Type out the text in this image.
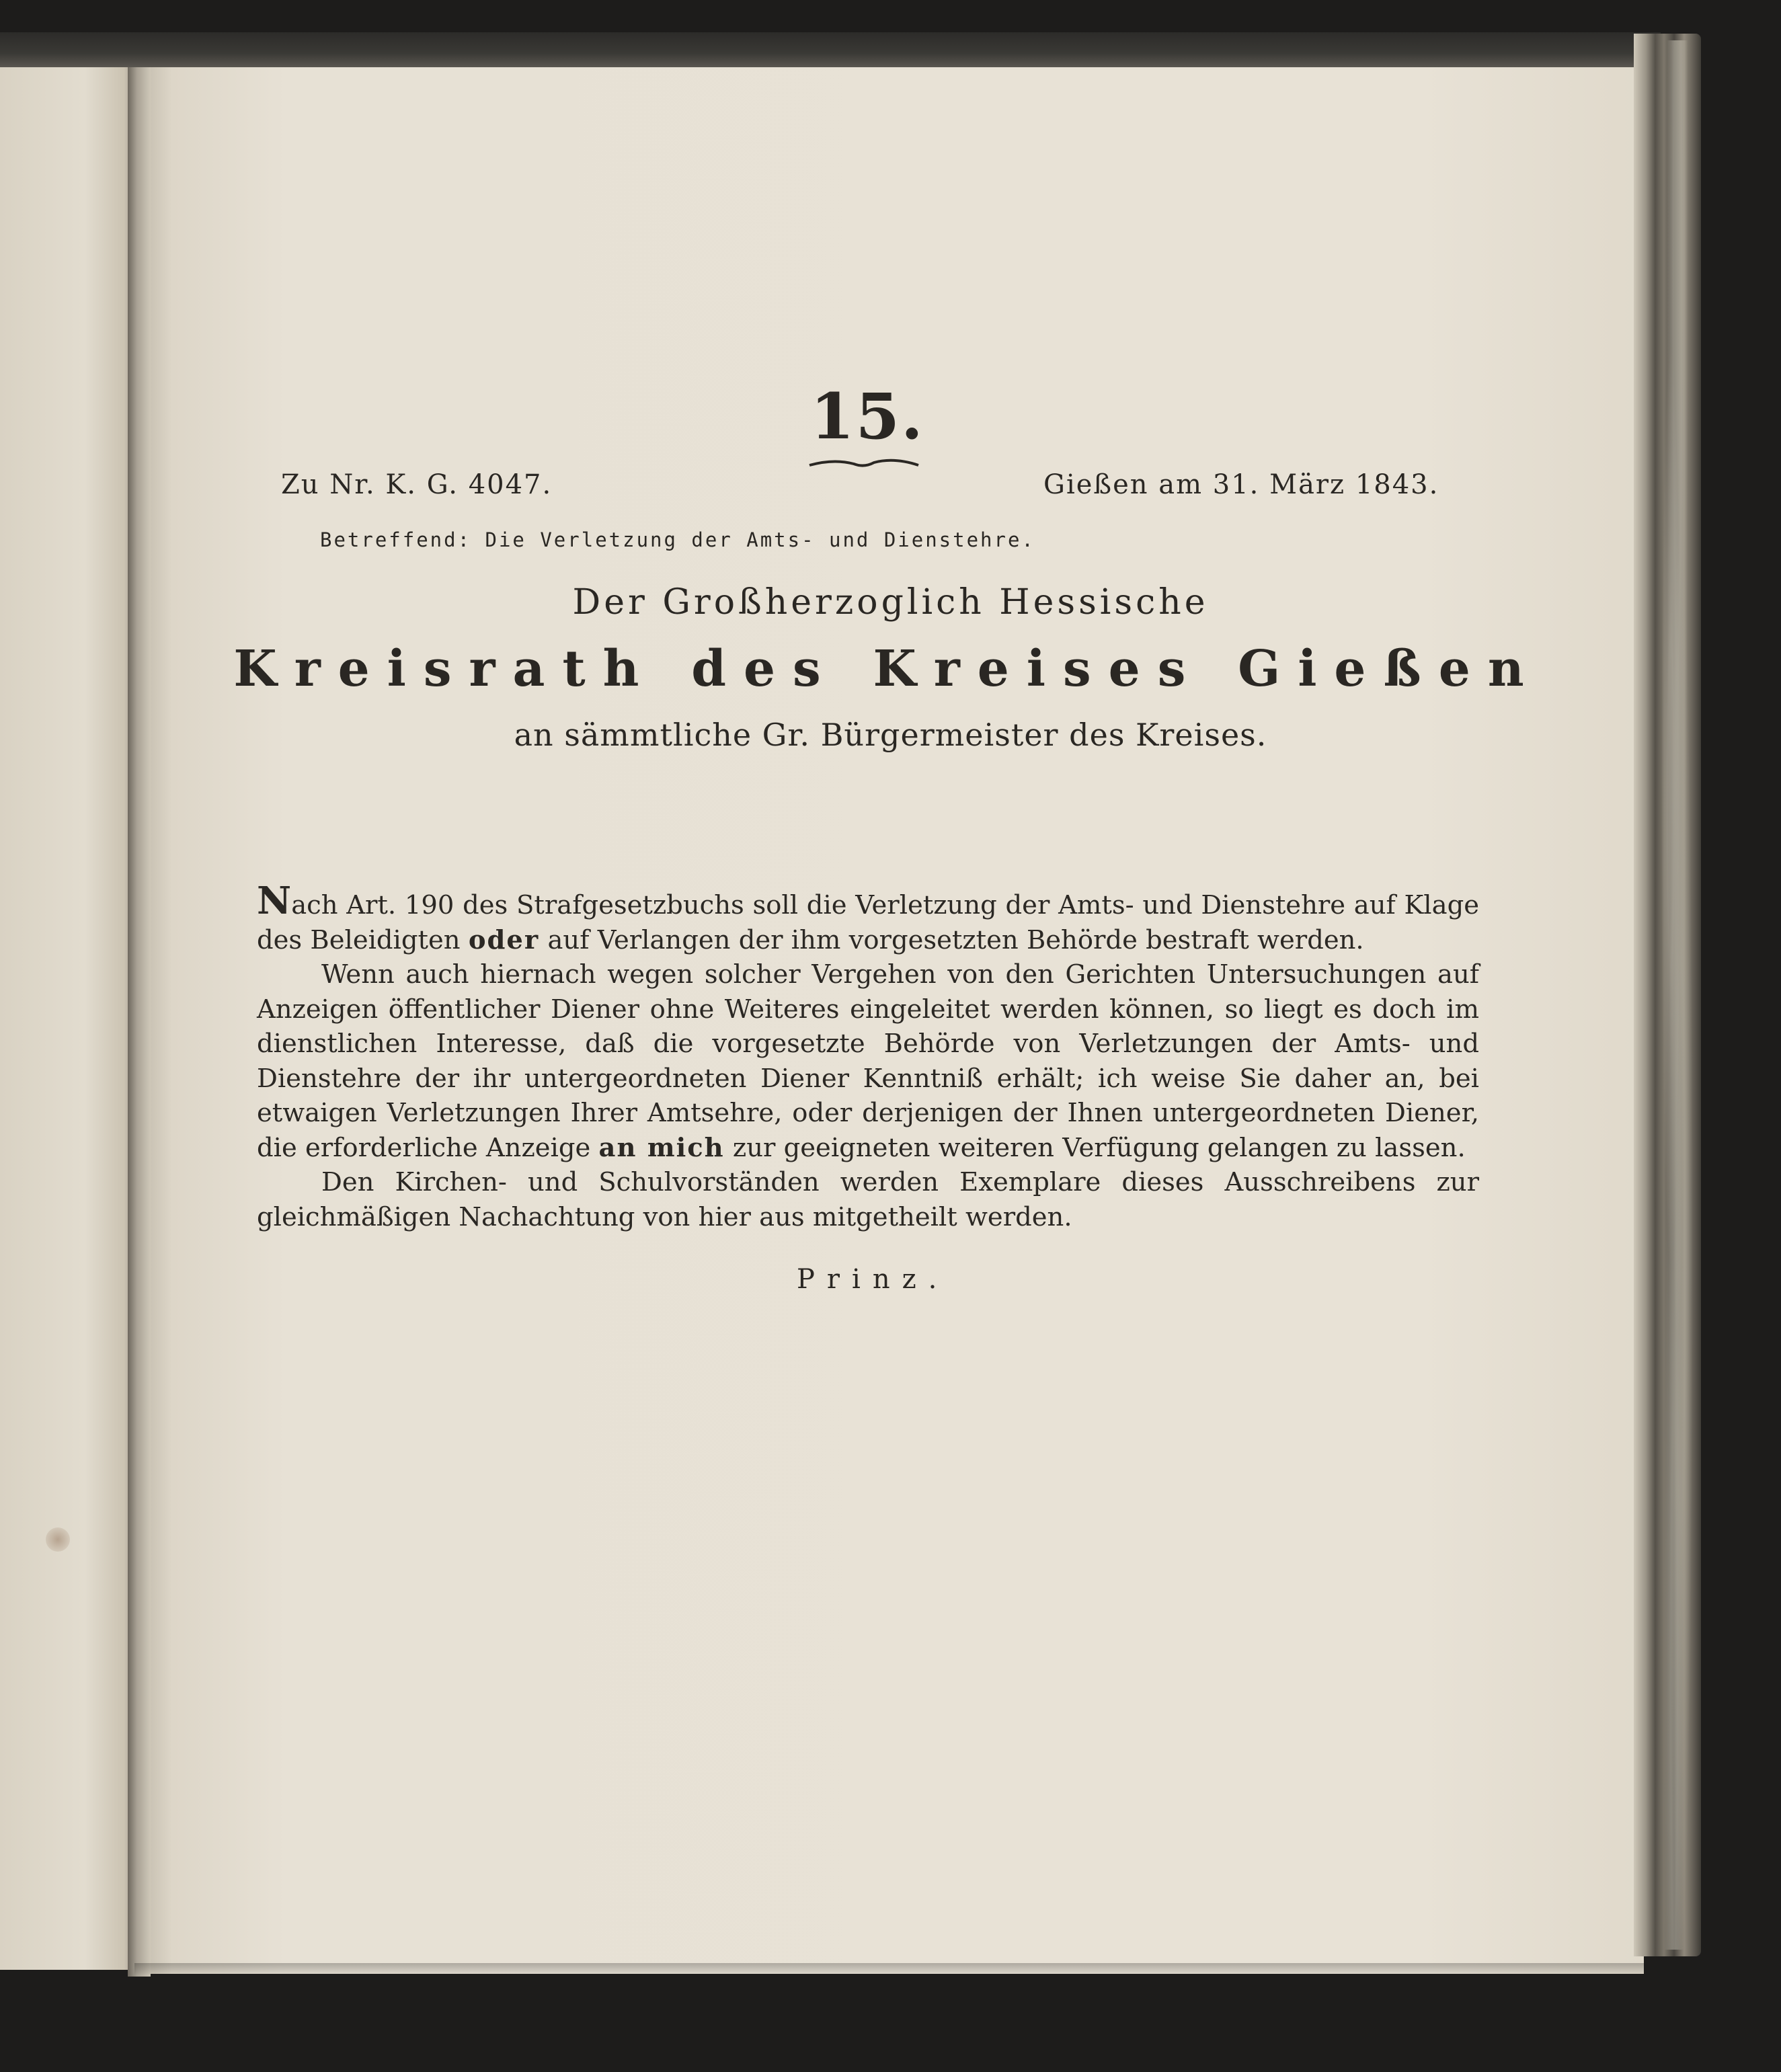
15.
Zu Nr. K. G. 4047.	Gießen am 31. März 1843.
Betreffend: Die Verletzung der Amts- und Dienstehre.
Der Großherzoglich Hessische
Kreisrath des Kreises Gießen
an sämmtliche Gr. Bürgermeister des Kreises.

Nach Art. 190 des Strafgesetzbuchs soll die Verletzung der Amts- und Dienstehre auf Klage des Beleidigten oder auf Verlangen der ihm vorgesetzten Behörde bestraft werden.

Wenn auch hiernach wegen solcher Vergehen von den Gerichten Untersuchungen auf Anzeigen öffentlicher Diener ohne Weiteres eingeleitet werden können, so liegt es doch im dienstlichen Interesse, daß die vorgesetzte Behörde von Verletzungen der Amts- und Dienstehre der ihr untergeordneten Diener Kenntniß erhält; ich weise Sie daher an, bei etwaigen Verletzungen Ihrer Amtsehre, oder derjenigen der Ihnen untergeordneten Diener, die erforderliche Anzeige an mich zur geeigneten weiteren Verfügung gelangen zu lassen.

Den Kirchen- und Schulvorständen werden Exemplare dieses Ausschreibens zur gleichmäßigen Nachachtung von hier aus mitgetheilt werden.

Prinz.
